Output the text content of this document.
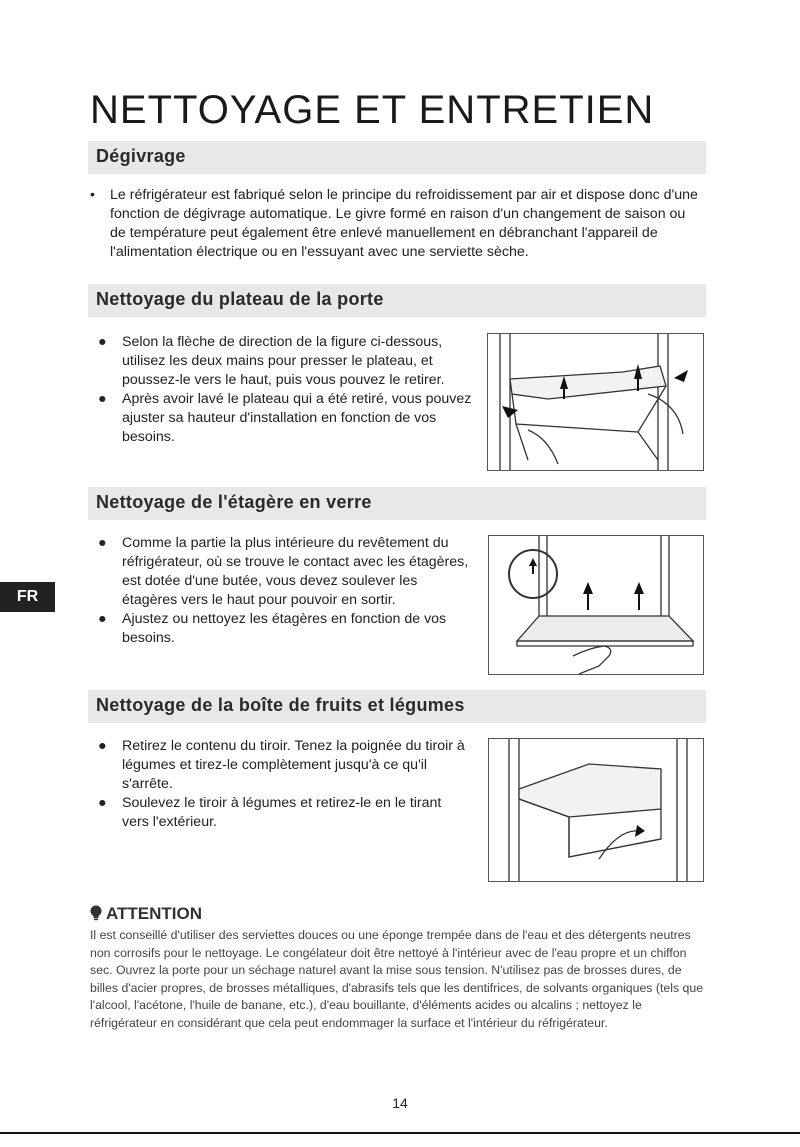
NETTOYAGE ET ENTRETIEN
Dégivrage
• Le réfrigérateur est fabriqué selon le principe du refroidissement par air et dispose donc d'une fonction de dégivrage automatique. Le givre formé en raison d'un changement de saison ou de température peut également être enlevé manuellement en débranchant l'appareil de l'alimentation électrique ou en l'essuyant avec une serviette sèche.
Nettoyage du plateau de la porte
● Selon la flèche de direction de la figure ci-dessous, utilisez les deux mains pour presser le plateau, et poussez-le vers le haut, puis vous pouvez le retirer.
● Après avoir lavé le plateau qui a été retiré, vous pouvez ajuster sa hauteur d'installation en fonction de vos besoins.
Nettoyage de l'étagère en verre
● Comme la partie la plus intérieure du revêtement du réfrigérateur, où se trouve le contact avec les étagères, est dotée d'une butée, vous devez soulever les étagères vers le haut pour pouvoir en sortir.
● Ajustez ou nettoyez les étagères en fonction de vos besoins.
FR
Nettoyage de la boîte de fruits et légumes
● Retirez le contenu du tiroir. Tenez la poignée du tiroir à légumes et tirez-le complètement jusqu'à ce qu'il s'arrête.
● Soulevez le tiroir à légumes et retirez-le en le tirant vers l'extérieur.
ATTENTION
Il est conseillé d'utiliser des serviettes douces ou une éponge trempée dans de l'eau et des détergents neutres non corrosifs pour le nettoyage. Le congélateur doit être nettoyé à l'intérieur avec de l'eau propre et un chiffon sec. Ouvrez la porte pour un séchage naturel avant la mise sous tension. N'utilisez pas de brosses dures, de billes d'acier propres, de brosses métalliques, d'abrasifs tels que les dentifrices, de solvants organiques (tels que l'alcool, l'acétone, l'huile de banane, etc.), d'eau bouillante, d'éléments acides ou alcalins ; nettoyez le réfrigérateur en considérant que cela peut endommager la surface et l'intérieur du réfrigérateur.
14
